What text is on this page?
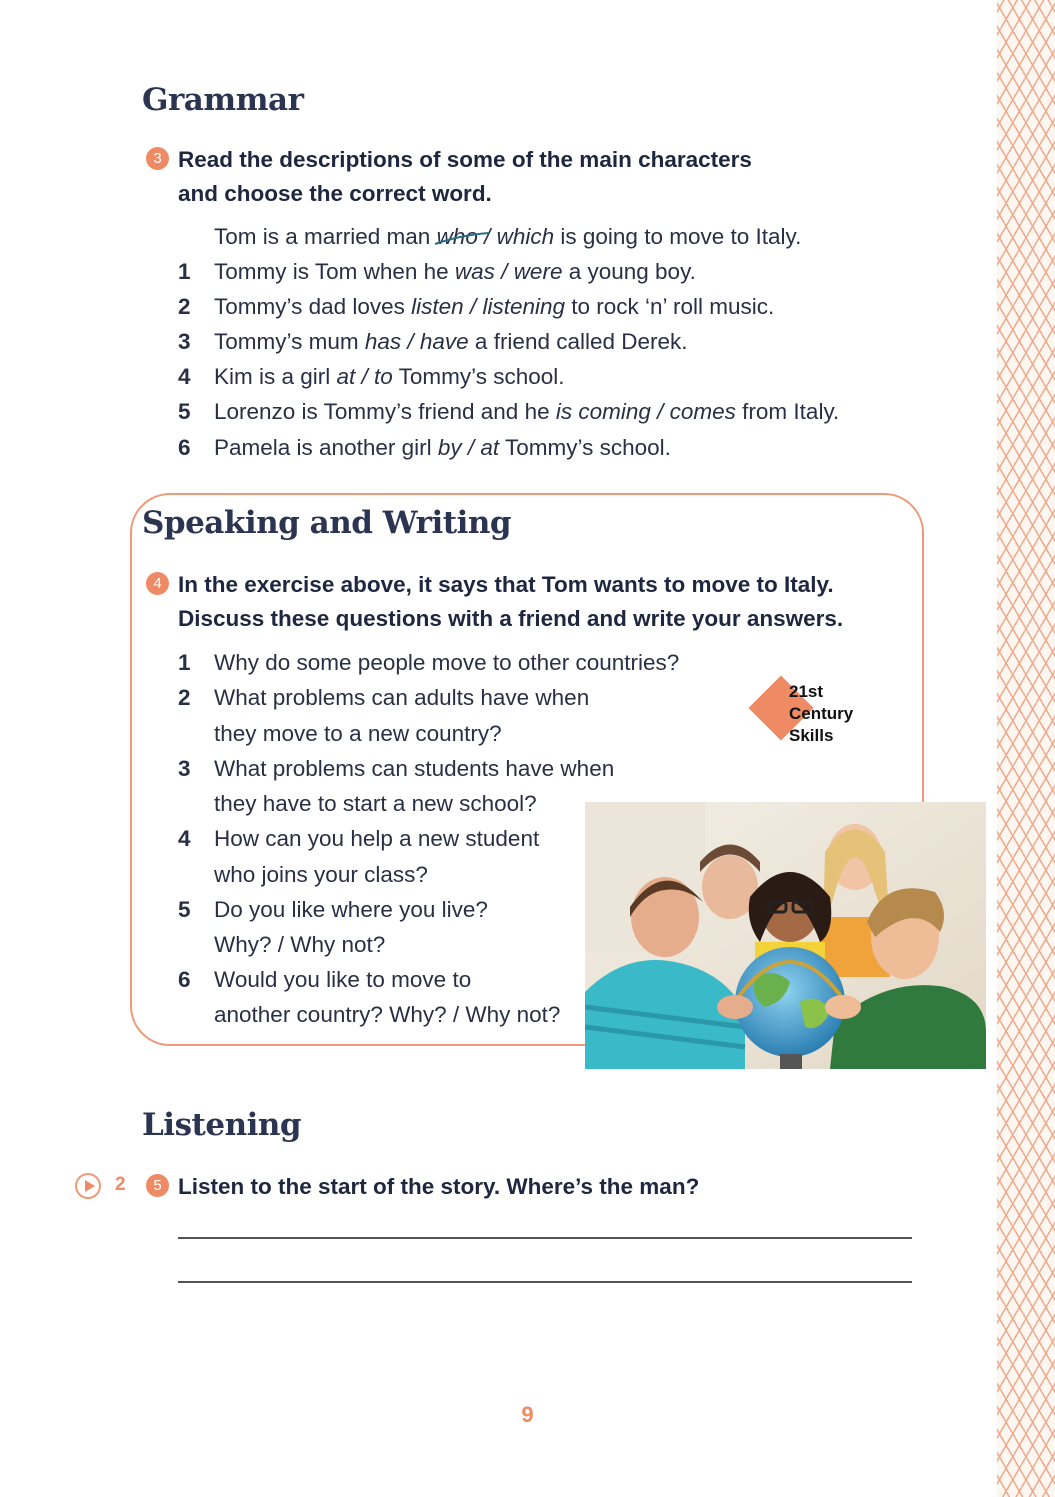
Grammar
3 Read the descriptions of some of the main characters
and choose the correct word.

Tom is a married man who
/ which is going to move to Italy.
1 Tommy is Tom when he was / were a young boy.
2 Tommy’s dad loves listen / listening to rock ‘n’ roll music.
3 Tommy’s mum has / have a friend called Derek.
4 Kim is a girl at / to Tommy’s school.
5 Lorenzo is Tommy’s friend and he is coming / comes from Italy.
6 Pamela is another girl by / at Tommy’s school.
Speaking and Writing
4 In the exercise above, it says that Tom wants to move to Italy.
Discuss these questions with a friend and write your answers.

1 Why do some people move to other countries?
2 What problems can adults have when
they move to a new country?
3 What problems can students have when
they have to start a new school?
4 How can you help a new student
who joins your class?
5 Do you like where you live?
Why? / Why not?
6 Would you like to move to
another country? Why? / Why not?
21st
Century
Skills
Listening
2	5 Listen to the start of the story. Where’s the man?

9
